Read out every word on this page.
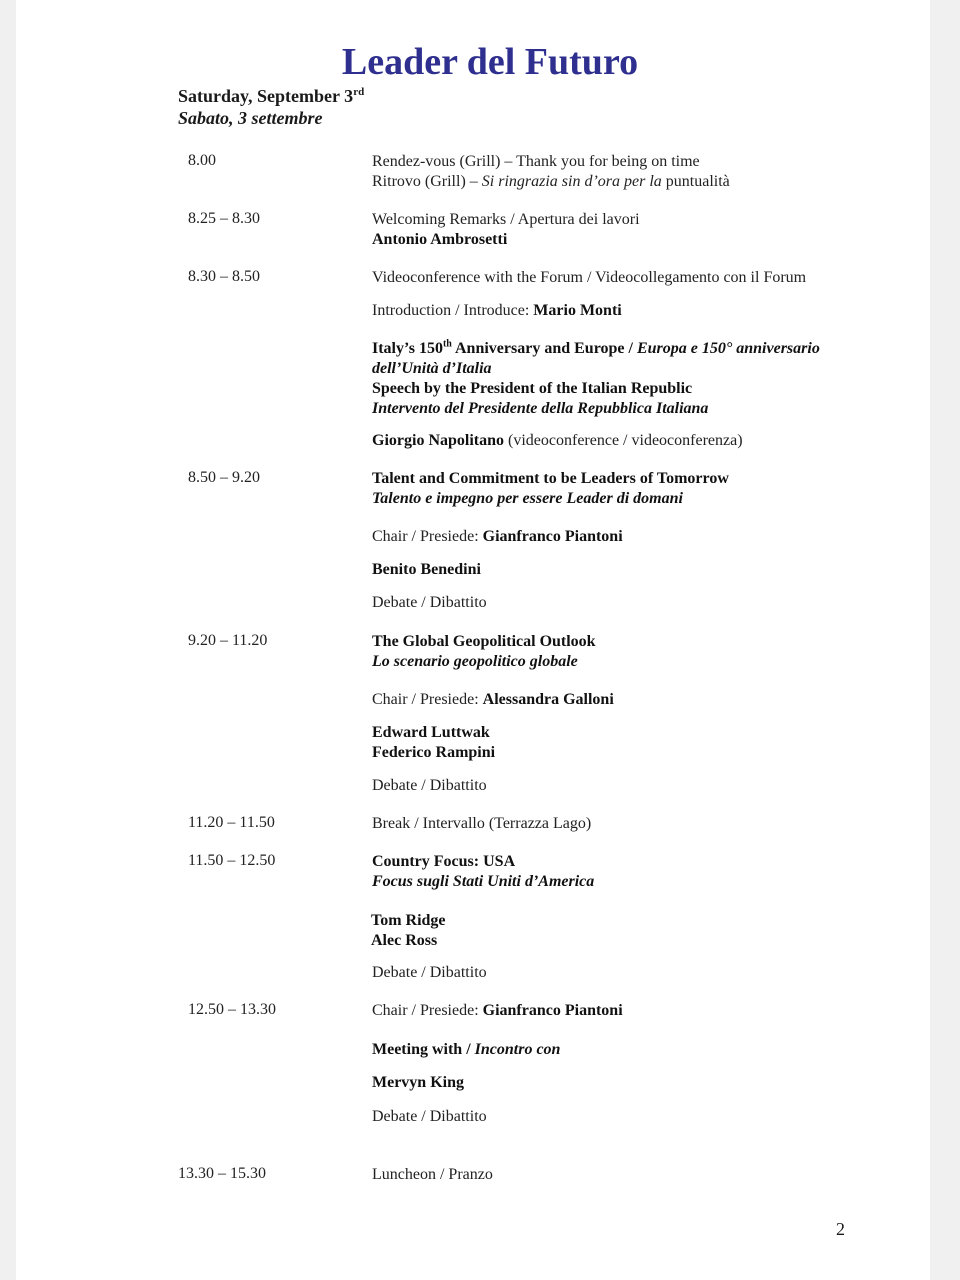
Leader del Futuro
Saturday, September 3rd
Sabato, 3 settembre
8.00	Rendez-vous (Grill) – Thank you for being on time
Ritrovo (Grill) – Si ringrazia sin d’ora per la puntualità
8.25 – 8.30	Welcoming Remarks / Apertura dei lavori
Antonio Ambrosetti
8.30 – 8.50	Videoconference with the Forum / Videocollegamento con il Forum
Introduction / Introduce: Mario Monti
Italy’s 150th Anniversary and Europe / Europa e 150° anniversario
dell’Unità d’Italia
Speech by the President of the Italian Republic
Intervento del Presidente della Repubblica Italiana
Giorgio Napolitano (videoconference / videoconferenza)
8.50 – 9.20	Talent and Commitment to be Leaders of Tomorrow
Talento e impegno per essere Leader di domani
Chair / Presiede: Gianfranco Piantoni
Benito Benedini
Debate / Dibattito
9.20 – 11.20	The Global Geopolitical Outlook
Lo scenario geopolitico globale
Chair / Presiede: Alessandra Galloni
Edward Luttwak
Federico Rampini
Debate / Dibattito
11.20 – 11.50	Break / Intervallo (Terrazza Lago)
11.50 – 12.50	Country Focus: USA
Focus sugli Stati Uniti d’America
Tom Ridge
Alec Ross
Debate / Dibattito
12.50 – 13.30	Chair / Presiede: Gianfranco Piantoni
Meeting with / Incontro con
Mervyn King
Debate / Dibattito
13.30 – 15.30	Luncheon / Pranzo
2
